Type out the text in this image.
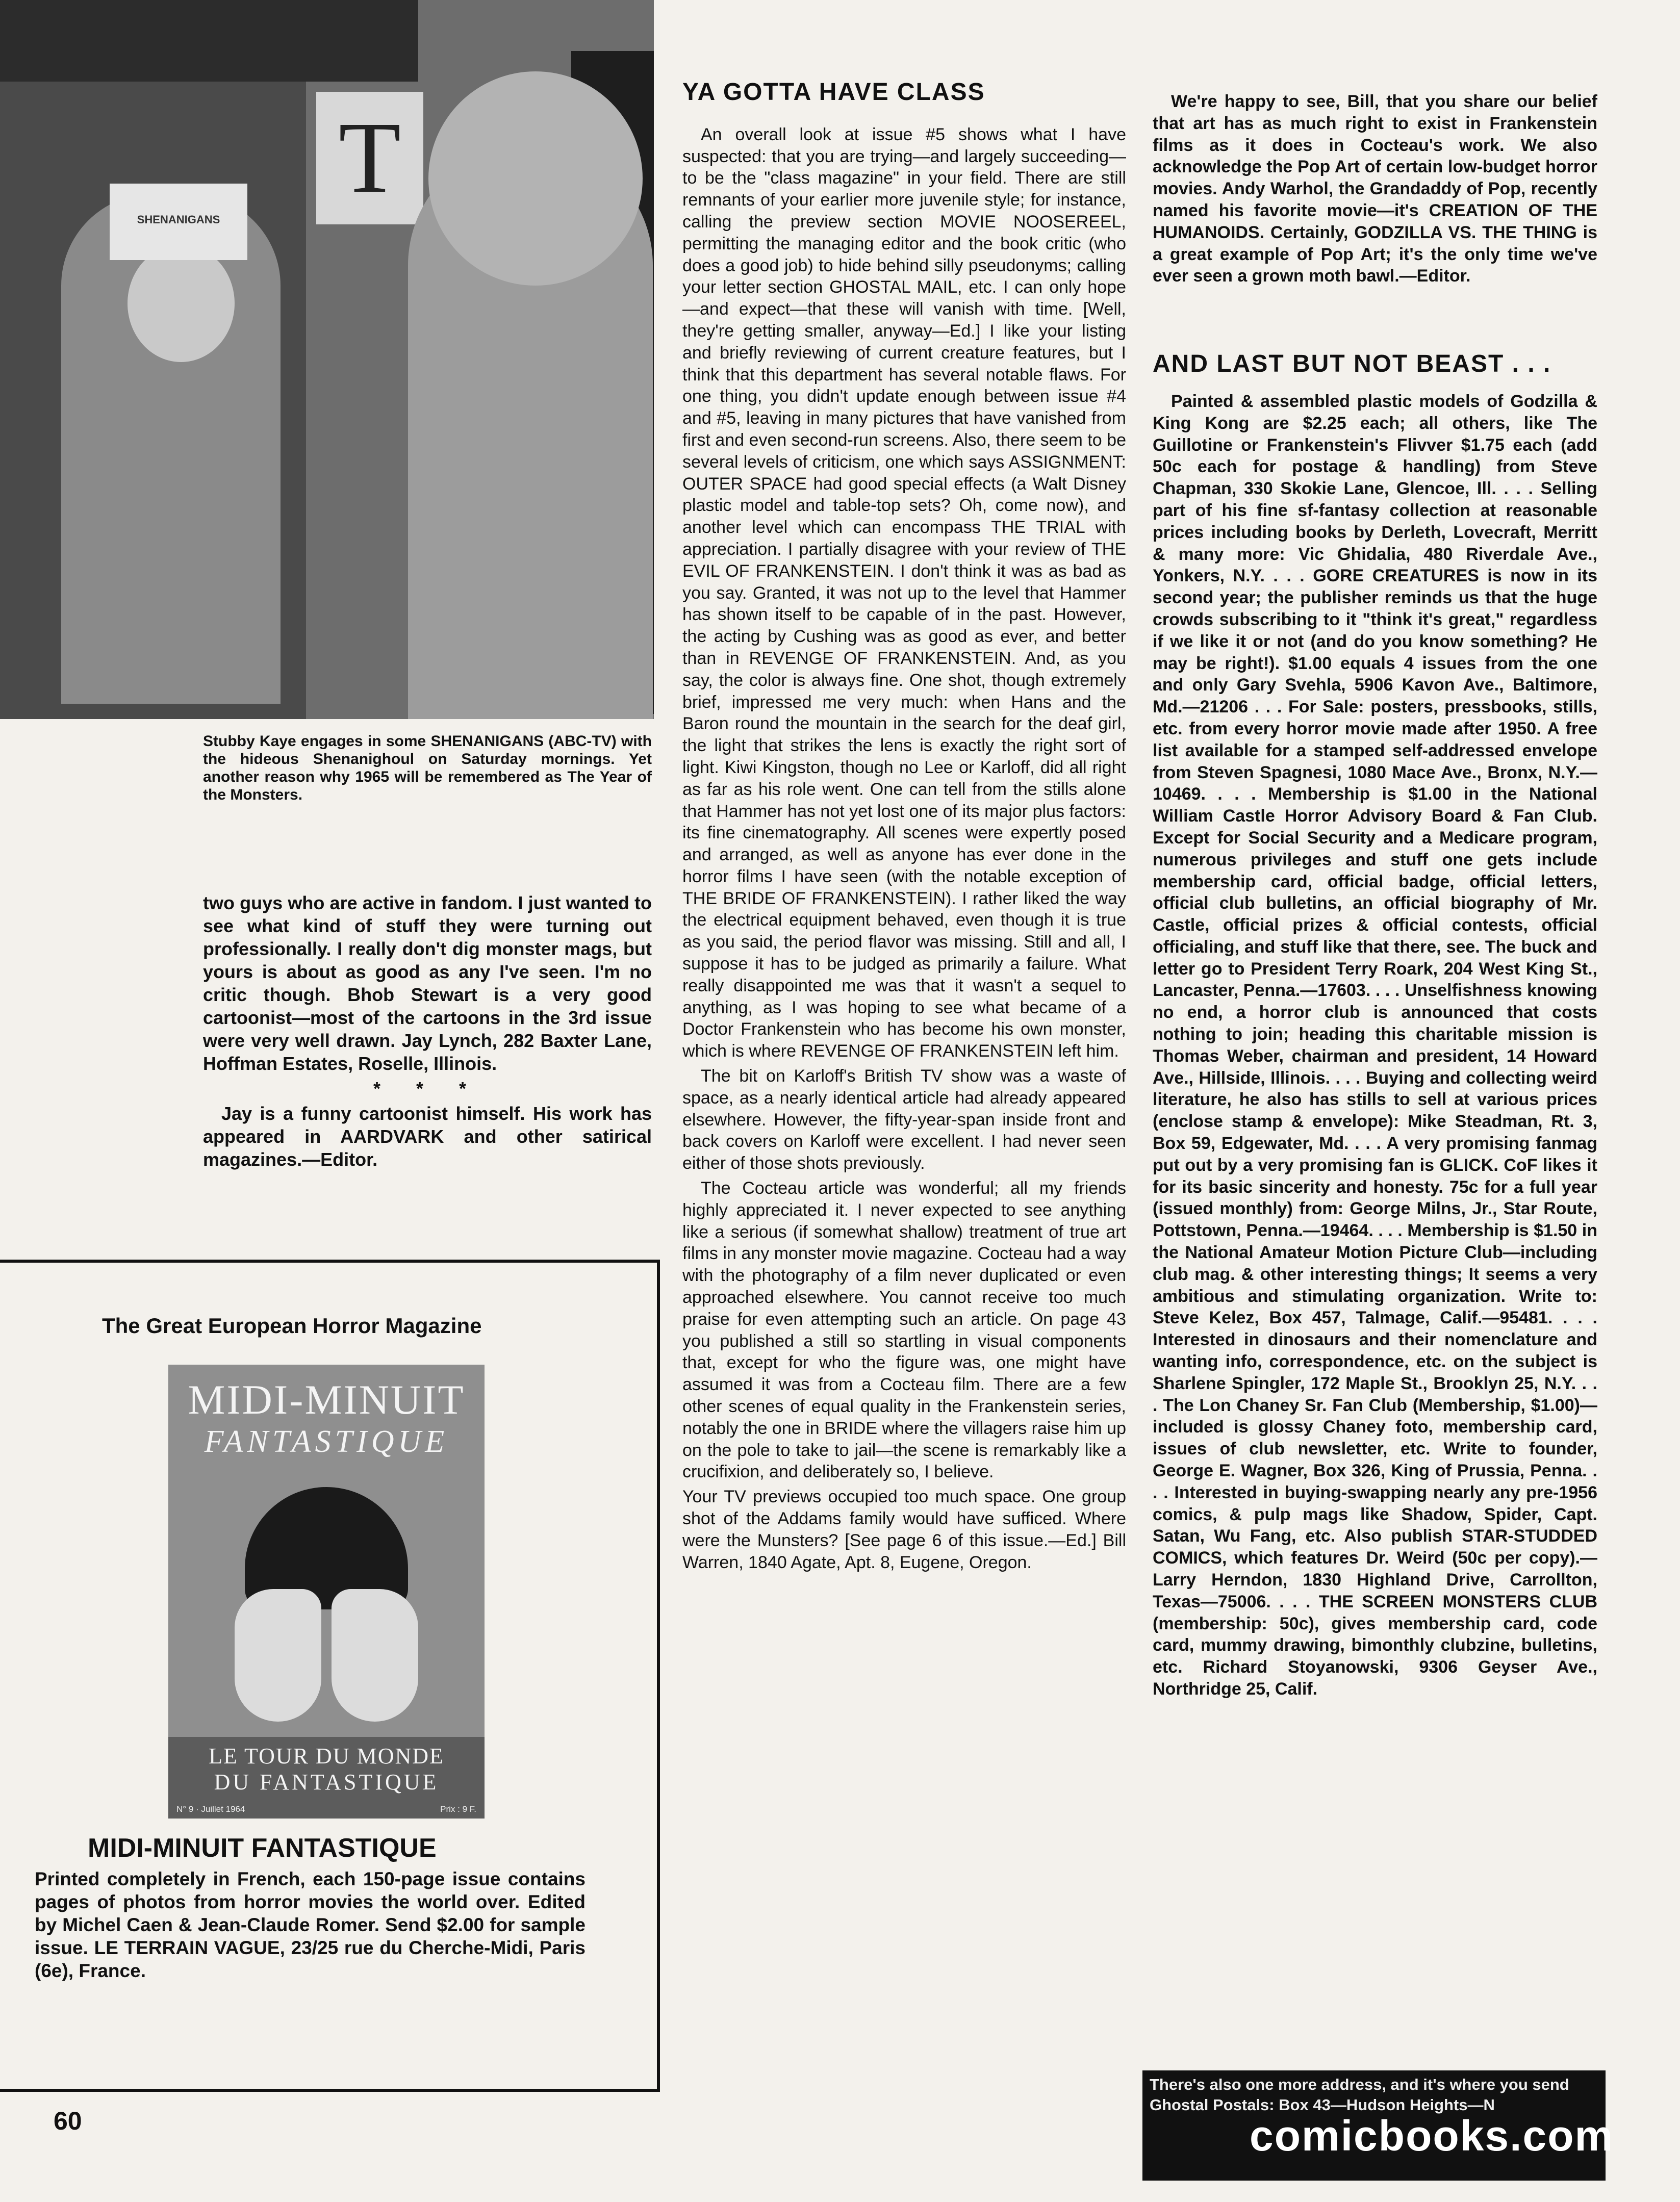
T
SHENANIGANS
Stubby Kaye engages in some SHENANIGANS (ABC-TV) with the hideous Shenanighoul on Saturday mornings. Yet another reason why 1965 will be remembered as The Year of the Monsters.

two guys who are active in fandom. I just wanted to see what kind of stuff they were turning out professionally. I really don't dig monster mags, but yours is about as good as any I've seen. I'm no critic though. Bhob Stewart is a very good cartoonist—most of the cartoons in the 3rd issue were very well drawn. Jay Lynch, 282 Baxter Lane, Hoffman Estates, Roselle, Illinois.

* * *

Jay is a funny cartoonist himself. His work has appeared in AARDVARK and other satirical magazines.—Editor.

The Great European Horror Magazine
MIDI-MINUIT
FANTASTIQUE
LE TOUR DU MONDE
DU FANTASTIQUE
N° 9 · Juillet 1964	Prix : 9 F.
MIDI-MINUIT FANTASTIQUE
Printed completely in French, each 150-page issue contains pages of photos from horror movies the world over. Edited by Michel Caen & Jean-Claude Romer. Send $2.00 for sample issue. LE TERRAIN VAGUE, 23/25 rue du Cherche-Midi, Paris (6e), France.
60
YA GOTTA HAVE CLASS

An overall look at issue #5 shows what I have suspected: that you are trying—and largely succeeding—to be the "class magazine" in your field. There are still remnants of your earlier more juvenile style; for instance, calling the preview section MOVIE NOOSEREEL, permitting the managing editor and the book critic (who does a good job) to hide behind silly pseudonyms; calling your letter section GHOSTAL MAIL, etc. I can only hope—and expect—that these will vanish with time. [Well, they're getting smaller, anyway—Ed.] I like your listing and briefly reviewing of current creature features, but I think that this department has several notable flaws. For one thing, you didn't update enough between issue #4 and #5, leaving in many pictures that have vanished from first and even second-run screens. Also, there seem to be several levels of criticism, one which says ASSIGNMENT: OUTER SPACE had good special effects (a Walt Disney plastic model and table-top sets? Oh, come now), and another level which can encompass THE TRIAL with appreciation. I partially disagree with your review of THE EVIL OF FRANKENSTEIN. I don't think it was as bad as you say. Granted, it was not up to the level that Hammer has shown itself to be capable of in the past. However, the acting by Cushing was as good as ever, and better than in REVENGE OF FRANKENSTEIN. And, as you say, the color is always fine. One shot, though extremely brief, impressed me very much: when Hans and the Baron round the mountain in the search for the deaf girl, the light that strikes the lens is exactly the right sort of light. Kiwi Kingston, though no Lee or Karloff, did all right as far as his role went. One can tell from the stills alone that Hammer has not yet lost one of its major plus factors: its fine cinematography. All scenes were expertly posed and arranged, as well as anyone has ever done in the horror films I have seen (with the notable exception of THE BRIDE OF FRANKENSTEIN). I rather liked the way the electrical equipment behaved, even though it is true as you said, the period flavor was missing. Still and all, I suppose it has to be judged as primarily a failure. What really disappointed me was that it wasn't a sequel to anything, as I was hoping to see what became of a Doctor Frankenstein who has become his own monster, which is where REVENGE OF FRANKENSTEIN left him.

The bit on Karloff's British TV show was a waste of space, as a nearly identical article had already appeared elsewhere. However, the fifty-year-span inside front and back covers on Karloff were excellent. I had never seen either of those shots previously.

The Cocteau article was wonderful; all my friends highly appreciated it. I never expected to see anything like a serious (if somewhat shallow) treatment of true art films in any monster movie magazine. Cocteau had a way with the photography of a film never duplicated or even approached elsewhere. You cannot receive too much praise for even attempting such an article. On page 43 you published a still so startling in visual components that, except for who the figure was, one might have assumed it was from a Cocteau film. There are a few other scenes of equal quality in the Frankenstein series, notably the one in BRIDE where the villagers raise him up on the pole to take to jail—the scene is remarkably like a crucifixion, and deliberately so, I believe.

Your TV previews occupied too much space. One group shot of the Addams family would have sufficed. Where were the Munsters? [See page 6 of this issue.—Ed.] Bill Warren, 1840 Agate, Apt. 8, Eugene, Oregon.

We're happy to see, Bill, that you share our belief that art has as much right to exist in Frankenstein films as it does in Cocteau's work. We also acknowledge the Pop Art of certain low-budget horror movies. Andy Warhol, the Grandaddy of Pop, recently named his favorite movie—it's CREATION OF THE HUMANOIDS. Certainly, GODZILLA VS. THE THING is a great example of Pop Art; it's the only time we've ever seen a grown moth bawl.—Editor.

AND LAST BUT NOT BEAST . . .

Painted & assembled plastic models of Godzilla & King Kong are $2.25 each; all others, like The Guillotine or Frankenstein's Flivver $1.75 each (add 50c each for postage & handling) from Steve Chapman, 330 Skokie Lane, Glencoe, Ill. . . . Selling part of his fine sf-fantasy collection at reasonable prices including books by Derleth, Lovecraft, Merritt & many more: Vic Ghidalia, 480 Riverdale Ave., Yonkers, N.Y. . . . GORE CREATURES is now in its second year; the publisher reminds us that the huge crowds subscribing to it "think it's great," regardless if we like it or not (and do you know something? He may be right!). $1.00 equals 4 issues from the one and only Gary Svehla, 5906 Kavon Ave., Baltimore, Md.—21206 . . . For Sale: posters, pressbooks, stills, etc. from every horror movie made after 1950. A free list available for a stamped self-addressed envelope from Steven Spagnesi, 1080 Mace Ave., Bronx, N.Y.—10469. . . . Membership is $1.00 in the National William Castle Horror Advisory Board & Fan Club. Except for Social Security and a Medicare program, numerous privileges and stuff one gets include membership card, official badge, official letters, official club bulletins, an official biography of Mr. Castle, official prizes & official contests, official officialing, and stuff like that there, see. The buck and letter go to President Terry Roark, 204 West King St., Lancaster, Penna.—17603. . . . Unselfishness knowing no end, a horror club is announced that costs nothing to join; heading this charitable mission is Thomas Weber, chairman and president, 14 Howard Ave., Hillside, Illinois. . . . Buying and collecting weird literature, he also has stills to sell at various prices (enclose stamp & envelope): Mike Steadman, Rt. 3, Box 59, Edgewater, Md. . . . A very promising fanmag put out by a very promising fan is GLICK. CoF likes it for its basic sincerity and honesty. 75c for a full year (issued monthly) from: George Milns, Jr., Star Route, Pottstown, Penna.—19464. . . . Membership is $1.50 in the National Amateur Motion Picture Club—including club mag. & other interesting things; It seems a very ambitious and stimulating organization. Write to: Steve Kelez, Box 457, Talmage, Calif.—95481. . . . Interested in dinosaurs and their nomenclature and wanting info, correspondence, etc. on the subject is Sharlene Spingler, 172 Maple St., Brooklyn 25, N.Y. . . . The Lon Chaney Sr. Fan Club (Membership, $1.00)—included is glossy Chaney foto, membership card, issues of club newsletter, etc. Write to founder, George E. Wagner, Box 326, King of Prussia, Penna. . . . Interested in buying-swapping nearly any pre-1956 comics, & pulp mags like Shadow, Spider, Capt. Satan, Wu Fang, etc. Also publish STAR-STUDDED COMICS, which features Dr. Weird (50c per copy).—Larry Herndon, 1830 Highland Drive, Carrollton, Texas—75006. . . . THE SCREEN MONSTERS CLUB (membership: 50c), gives membership card, code card, mummy drawing, bimonthly clubzine, bulletins, etc. Richard Stoyanowski, 9306 Geyser Ave., Northridge 25, Calif.

There's also one more address, and it's where you send Ghostal Postals: Box 43—Hudson Heights—N
comicbooks.com
